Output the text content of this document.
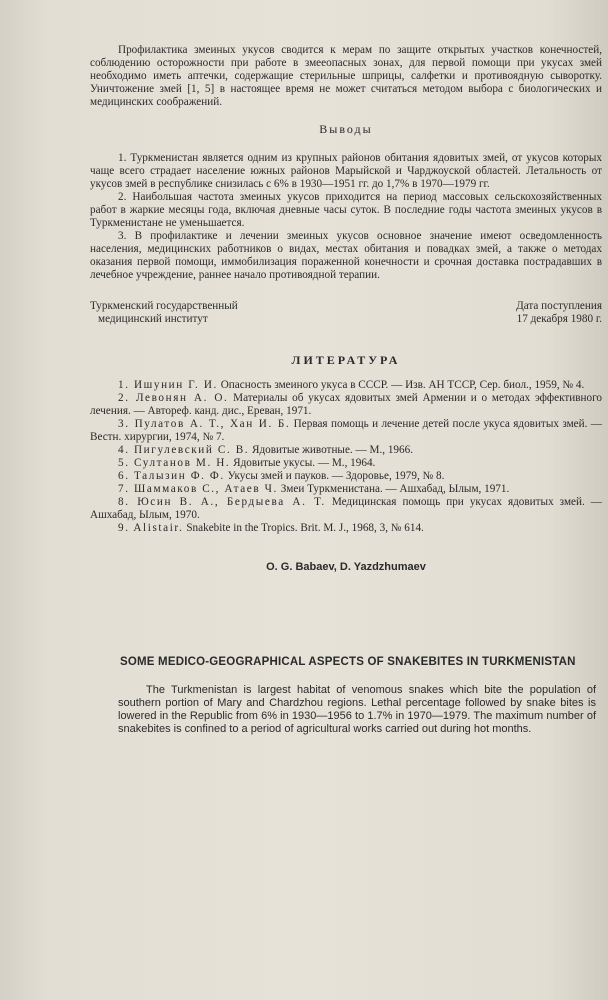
Профилактика змеиных укусов сводится к мерам по защите открытых участков конечностей, соблюдению осторожности при работе в змееопасных зонах, для первой помощи при укусах змей необходимо иметь аптечки, содержащие стерильные шприцы, салфетки и противоядную сыворотку. Уничтожение змей [1, 5] в настоящее время не может считаться методом выбора с биологических и медицинских соображений.

Выводы

1. Туркменистан является одним из крупных районов обитания ядовитых змей, от укусов которых чаще всего страдает население южных районов Марыйской и Чарджоуской областей. Летальность от укусов змей в республике снизилась с 6% в 1930—1951 гг. до 1,7% в 1970—1979 гг.

2. Наибольшая частота змеиных укусов приходится на период массовых сельскохозяйственных работ в жаркие месяцы года, включая дневные часы суток. В последние годы частота змеиных укусов в Туркменистане не уменьшается.

3. В профилактике и лечении змеиных укусов основное значение имеют осведомленность населения, медицинских работников о видах, местах обитания и повадках змей, а также о методах оказания первой помощи, иммобилизация пораженной конечности и срочная доставка пострадавших в лечебное учреждение, раннее начало противоядной терапии.

Туркменский государственный
медицинский институт
Дата поступления
17 декабря 1980 г.
ЛИТЕРАТУРА

1. Ишунин Г. И. Опасность змеиного укуса в СССР. — Изв. АН ТССР, Сер. биол., 1959, № 4.

2. Левонян А. О. Материалы об укусах ядовитых змей Армении и о методах эффективного лечения. — Автореф. канд. дис., Ереван, 1971.

3. Пулатов А. Т., Хан И. Б. Первая помощь и лечение детей после укуса ядовитых змей. — Вестн. хирургии, 1974, № 7.

4. Пигулевский С. В. Ядовитые животные. — М., 1966.

5. Султанов М. Н. Ядовитые укусы. — М., 1964.

6. Талызин Ф. Ф. Укусы змей и пауков. — Здоровье, 1979, № 8.

7. Шаммаков С., Атаев Ч. Змеи Туркменистана. — Ашхабад, Ылым, 1971.

8. Юсин В. А., Бердыева А. Т. Медицинская помощь при укусах ядовитых змей. — Ашхабад, Ылым, 1970.

9. Alistair. Snakebite in the Tropics. Brit. M. J., 1968, 3, № 614.

O. G. Babaev, D. Yazdzhumaev
SOME MEDICO-GEOGRAPHICAL ASPECTS OF SNAKEBITES IN TURKMENISTAN

The Turkmenistan is largest habitat of venomous snakes which bite the population of southern portion of Mary and Chardzhou regions. Lethal percentage followed by snake bites is lowered in the Republic from 6% in 1930—1956 to 1.7% in 1970—1979. The maximum number of snakebites is confined to a period of agricultural works carried out during hot months.
